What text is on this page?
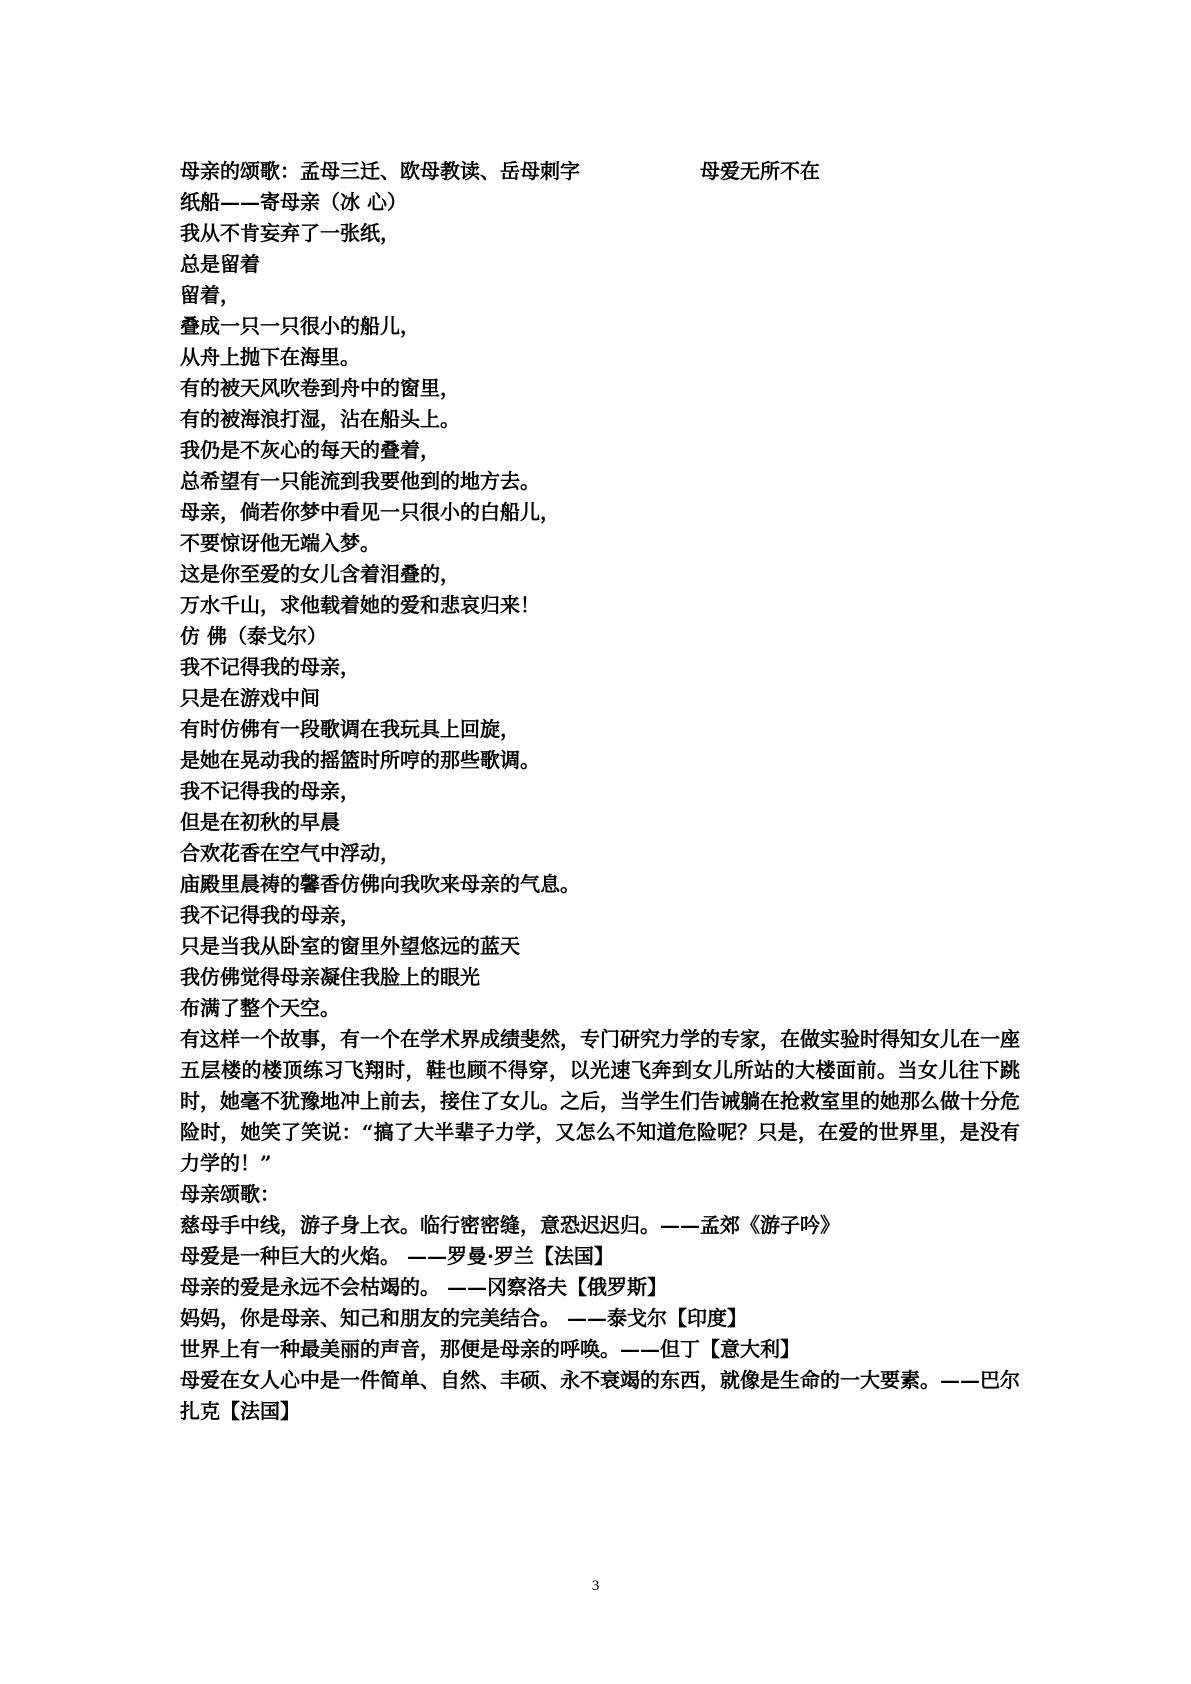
母亲的颂歌：孟母三迁、欧母教读、岳母刺字	母爱无所不在
纸船——寄母亲（冰 心）
我从不肯妄弃了一张纸，
总是留着
留着，
叠成一只一只很小的船儿，
从舟上抛下在海里。
有的被天风吹卷到舟中的窗里，
有的被海浪打湿，沾在船头上。
我仍是不灰心的每天的叠着，
总希望有一只能流到我要他到的地方去。
母亲，倘若你梦中看见一只很小的白船儿，
不要惊讶他无端入梦。
这是你至爱的女儿含着泪叠的，
万水千山，求他载着她的爱和悲哀归来！
仿 佛（泰戈尔）
我不记得我的母亲，
只是在游戏中间
有时仿佛有一段歌调在我玩具上回旋，
是她在晃动我的摇篮时所哼的那些歌调。
我不记得我的母亲，
但是在初秋的早晨
合欢花香在空气中浮动，
庙殿里晨祷的馨香仿佛向我吹来母亲的气息。
我不记得我的母亲，
只是当我从卧室的窗里外望悠远的蓝天
我仿佛觉得母亲凝住我脸上的眼光
布满了整个天空。
有这样一个故事，有一个在学术界成绩斐然，专门研究力学的专家，在做实验时得知女儿在一座五层楼的楼顶练习飞翔时，鞋也顾不得穿，以光速飞奔到女儿所站的大楼面前。当女儿往下跳时，她毫不犹豫地冲上前去，接住了女儿。之后，当学生们告诫躺在抢救室里的她那么做十分危险时，她笑了笑说：“搞了大半辈子力学，又怎么不知道危险呢？只是，在爱的世界里，是没有力学的！”
母亲颂歌：
慈母手中线，游子身上衣。临行密密缝，意恐迟迟归。——孟郊《游子吟》
母爱是一种巨大的火焰。 ——罗曼·罗兰【法国】
母亲的爱是永远不会枯竭的。 ——冈察洛夫【俄罗斯】
妈妈，你是母亲、知己和朋友的完美结合。 ——泰戈尔【印度】
世界上有一种最美丽的声音，那便是母亲的呼唤。——但丁【意大利】
母爱在女人心中是一件简单、自然、丰硕、永不衰竭的东西，就像是生命的一大要素。——巴尔扎克【法国】
3
